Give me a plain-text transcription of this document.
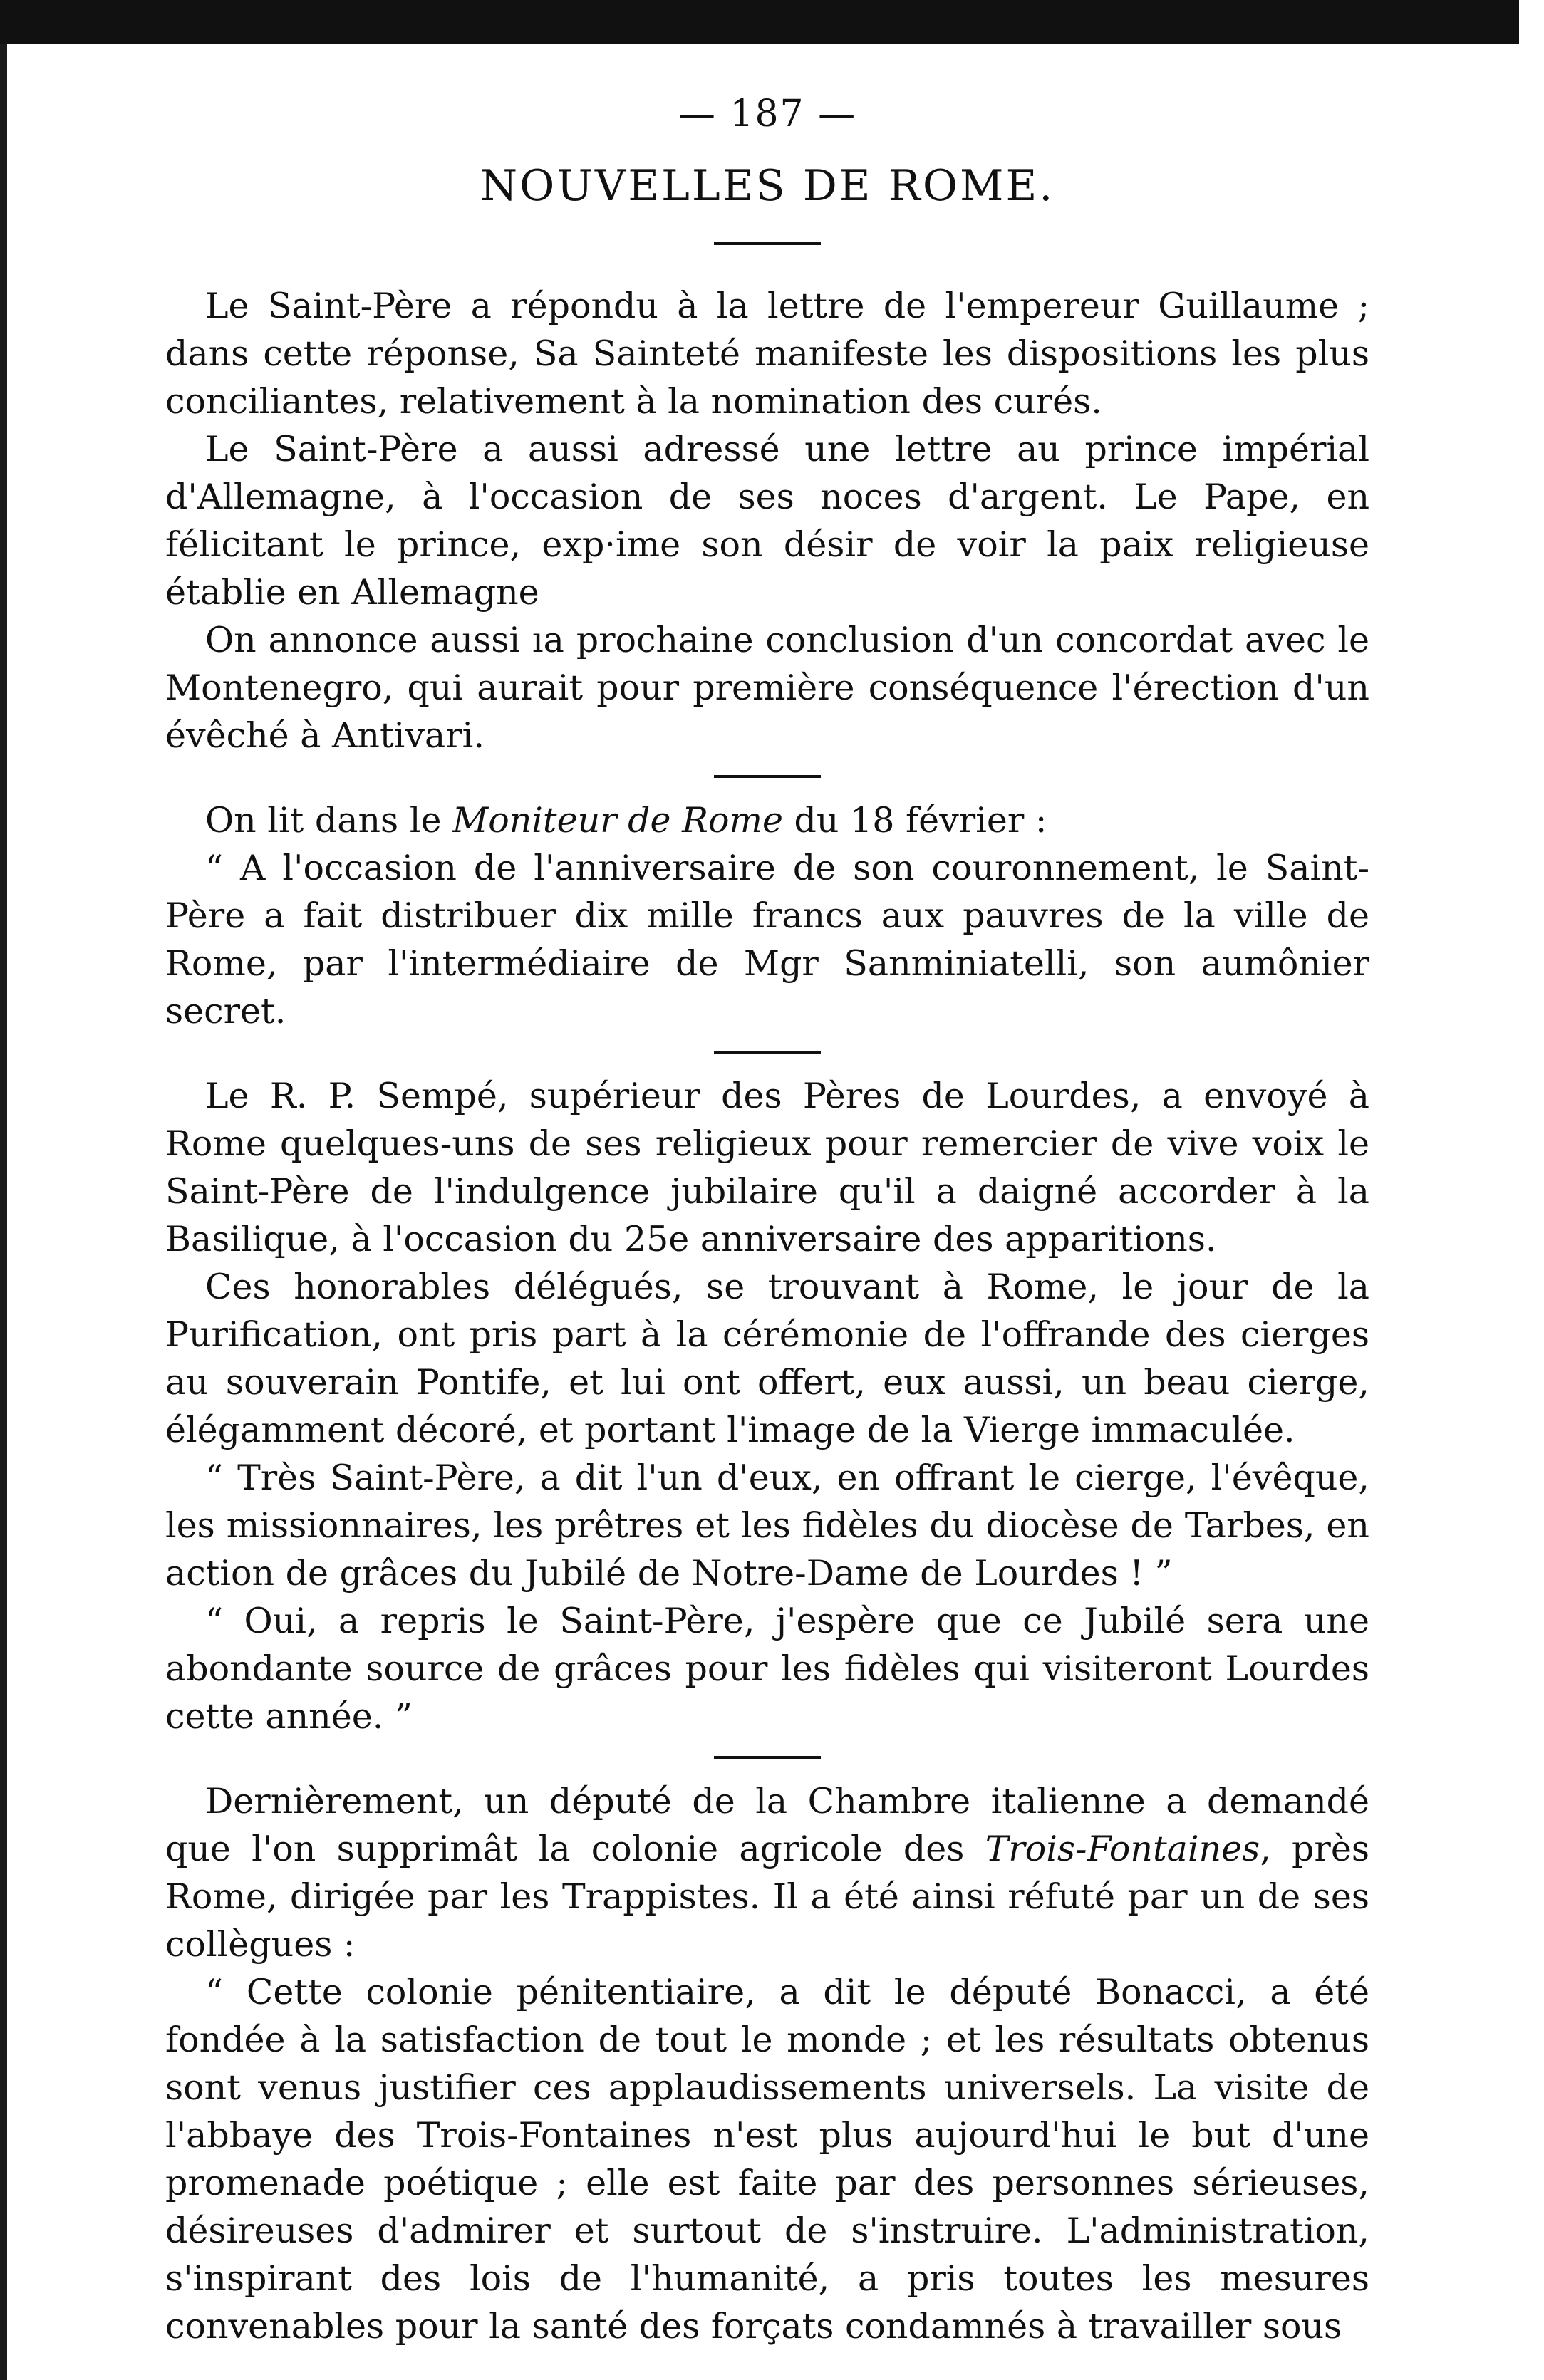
— 187 —
NOUVELLES DE ROME.

Le Saint-Père a répondu à la lettre de l'empereur Guillaume ; dans cette réponse, Sa Sainteté manifeste les dispositions les plus conciliantes, relativement à la nomination des curés.

Le Saint-Père a aussi adressé une lettre au prince impérial d'Allemagne, à l'occasion de ses noces d'argent. Le Pape, en félicitant le prince, exp·ime son désir de voir la paix religieuse établie en Allemagne

On annonce aussi ıa prochaine conclusion d'un concordat avec le Montenegro, qui aurait pour première conséquence l'érection d'un évêché à Antivari.

On lit dans le Moniteur de Rome du 18 février :

“ A l'occasion de l'anniversaire de son couronnement, le Saint-Père a fait distribuer dix mille francs aux pauvres de la ville de Rome, par l'intermédiaire de Mgr Sanminiatelli, son aumônier secret.

Le R. P. Sempé, supérieur des Pères de Lourdes, a envoyé à Rome quelques-uns de ses religieux pour remercier de vive voix le Saint-Père de l'indulgence jubilaire qu'il a daigné accorder à la Basilique, à l'occasion du 25e anniversaire des apparitions.

Ces honorables délégués, se trouvant à Rome, le jour de la Purification, ont pris part à la cérémonie de l'offrande des cierges au souverain Pontife, et lui ont offert, eux aussi, un beau cierge, élégamment décoré, et portant l'image de la Vierge immaculée.

“ Très Saint-Père, a dit l'un d'eux, en offrant le cierge, l'évêque, les missionnaires, les prêtres et les fidèles du diocèse de Tarbes, en action de grâces du Jubilé de Notre-Dame de Lourdes ! ”

“ Oui, a repris le Saint-Père, j'espère que ce Jubilé sera une abondante source de grâces pour les fidèles qui visiteront Lourdes cette année. ”

Dernièrement, un député de la Chambre italienne a demandé que l'on supprimât la colonie agricole des Trois-Fontaines, près Rome, dirigée par les Trappistes. Il a été ainsi réfuté par un de ses collègues :

“ Cette colonie pénitentiaire, a dit le député Bonacci, a été fondée à la satisfaction de tout le monde ; et les résultats obtenus sont venus justifier ces applaudissements universels. La visite de l'abbaye des Trois-Fontaines n'est plus aujourd'hui le but d'une promenade poétique ; elle est faite par des personnes sérieuses, désireuses d'admirer et surtout de s'instruire. L'administration, s'inspirant des lois de l'humanité, a pris toutes les mesures convenables pour la santé des forçats condamnés à travailler sous
